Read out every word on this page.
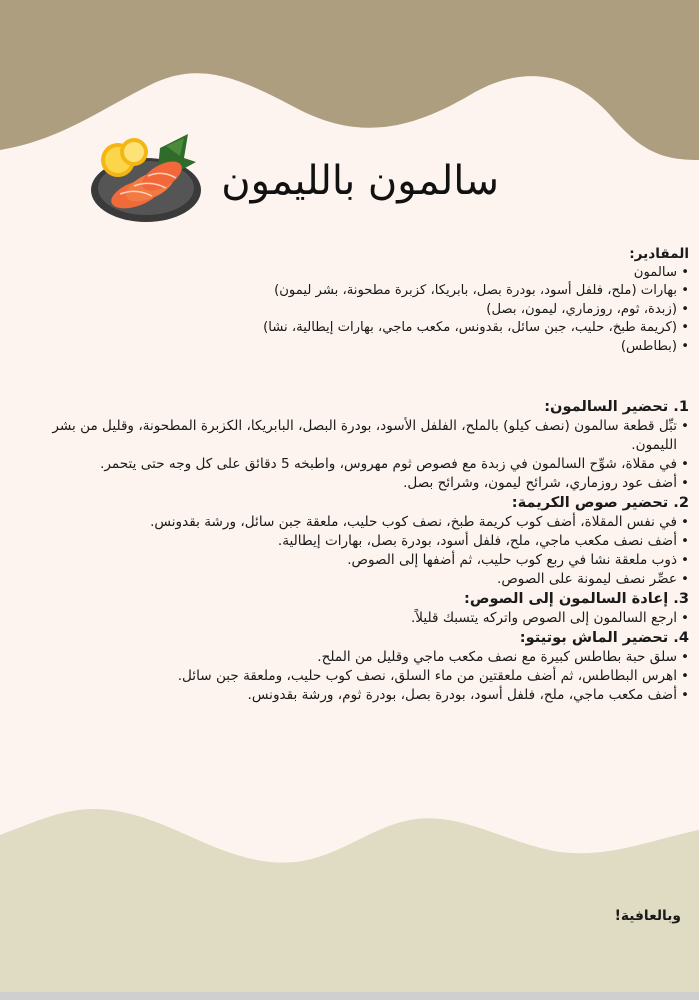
سالمون بالليمون
المقادير:
• سالمون
• بهارات (ملح، فلفل أسود، بودرة بصل، بابريكا، كزبرة مطحونة، بشر ليمون)
• (زبدة، ثوم، روزماري، ليمون، بصل)
• (كريمة طبخ، حليب، جبن سائل، بقدونس، مكعب ماجي، بهارات إيطالية، نشا)
• (بطاطس)
1. تحضير السالمون:
• تبِّل قطعة سالمون (نصف كيلو) بالملح، الفلفل الأسود، بودرة البصل، البابريكا، الكزبرة المطحونة، وقليل من بشر الليمون.
• في مقلاة، شوِّح السالمون في زبدة مع فصوص ثوم مهروس، واطبخه 5 دقائق على كل وجه حتى يتحمر.
• أضف عود روزماري، شرائح ليمون، وشرائح بصل.
2. تحضير صوص الكريمة:
• في نفس المقلاة، أضف كوب كريمة طبخ، نصف كوب حليب، ملعقة جبن سائل، ورشة بقدونس.
• أضف نصف مكعب ماجي، ملح، فلفل أسود، بودرة بصل، بهارات إيطالية.
• ذوب ملعقة نشا في ربع كوب حليب، ثم أضفها إلى الصوص.
• عصِّر نصف ليمونة على الصوص.
3. إعادة السالمون إلى الصوص:
• ارجع السالمون إلى الصوص واتركه يتسبك قليلاً.
4. تحضير الماش بوتيتو:
• سلق حبة بطاطس كبيرة مع نصف مكعب ماجي وقليل من الملح.
• اهرس البطاطس، ثم أضف ملعقتين من ماء السلق، نصف كوب حليب، وملعقة جبن سائل.
• أضف مكعب ماجي، ملح، فلفل أسود، بودرة بصل، بودرة ثوم، ورشة بقدونس.
وبالعافية!
